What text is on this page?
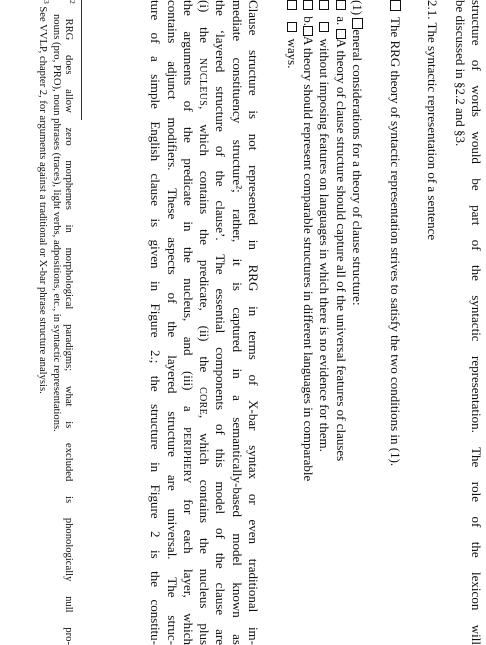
structure of words would be part of the syntactic representation. The role of the lexicon will
be discussed in §2.2 and §3.
2.1. The syntactic representation of a sentence
The RRG theory of syntactic representation strives to satisfy the two conditions in (1).
(1) eneral considerations for a theory of clause structure:
a. A theory of clause structure should capture all of the universal features of clauses
without imposing features on languages in which there is no evidence for them.
b.A theory should represent comparable structures in different languages in comparable
ways.
Clause structure is not represented in RRG in terms of X-bar syntax or even traditional im-
mediate constituency structure²; rather, it is captured in a semantically-based model known as
the ‘layered structure of the clause’. The essential components of this model of the clause are
(i) the NUCLEUS, which contains the predicate, (ii) the CORE, which contains the nucleus plus
the arguments of the predicate in the nucleus, and (iii) a PERIPHERY for each layer, which
contains adjunct modifiers. These aspects of the layered structure are universal. The struc-
ture of a simple English clause is given in Figure 2.; the structure in Figure 2 is the constitu-
$^2$ RRG does allow zero morphemes in morphological paradigms; what is excluded is phonologically null pro-
nouns (pro, PRO), noun phrases (traces), light verbs, adpositions, etc., in syntactic representations.
$^3$ See VVLP, chapter 2, for arguments against a traditional or X-bar phrase structure analysis.
